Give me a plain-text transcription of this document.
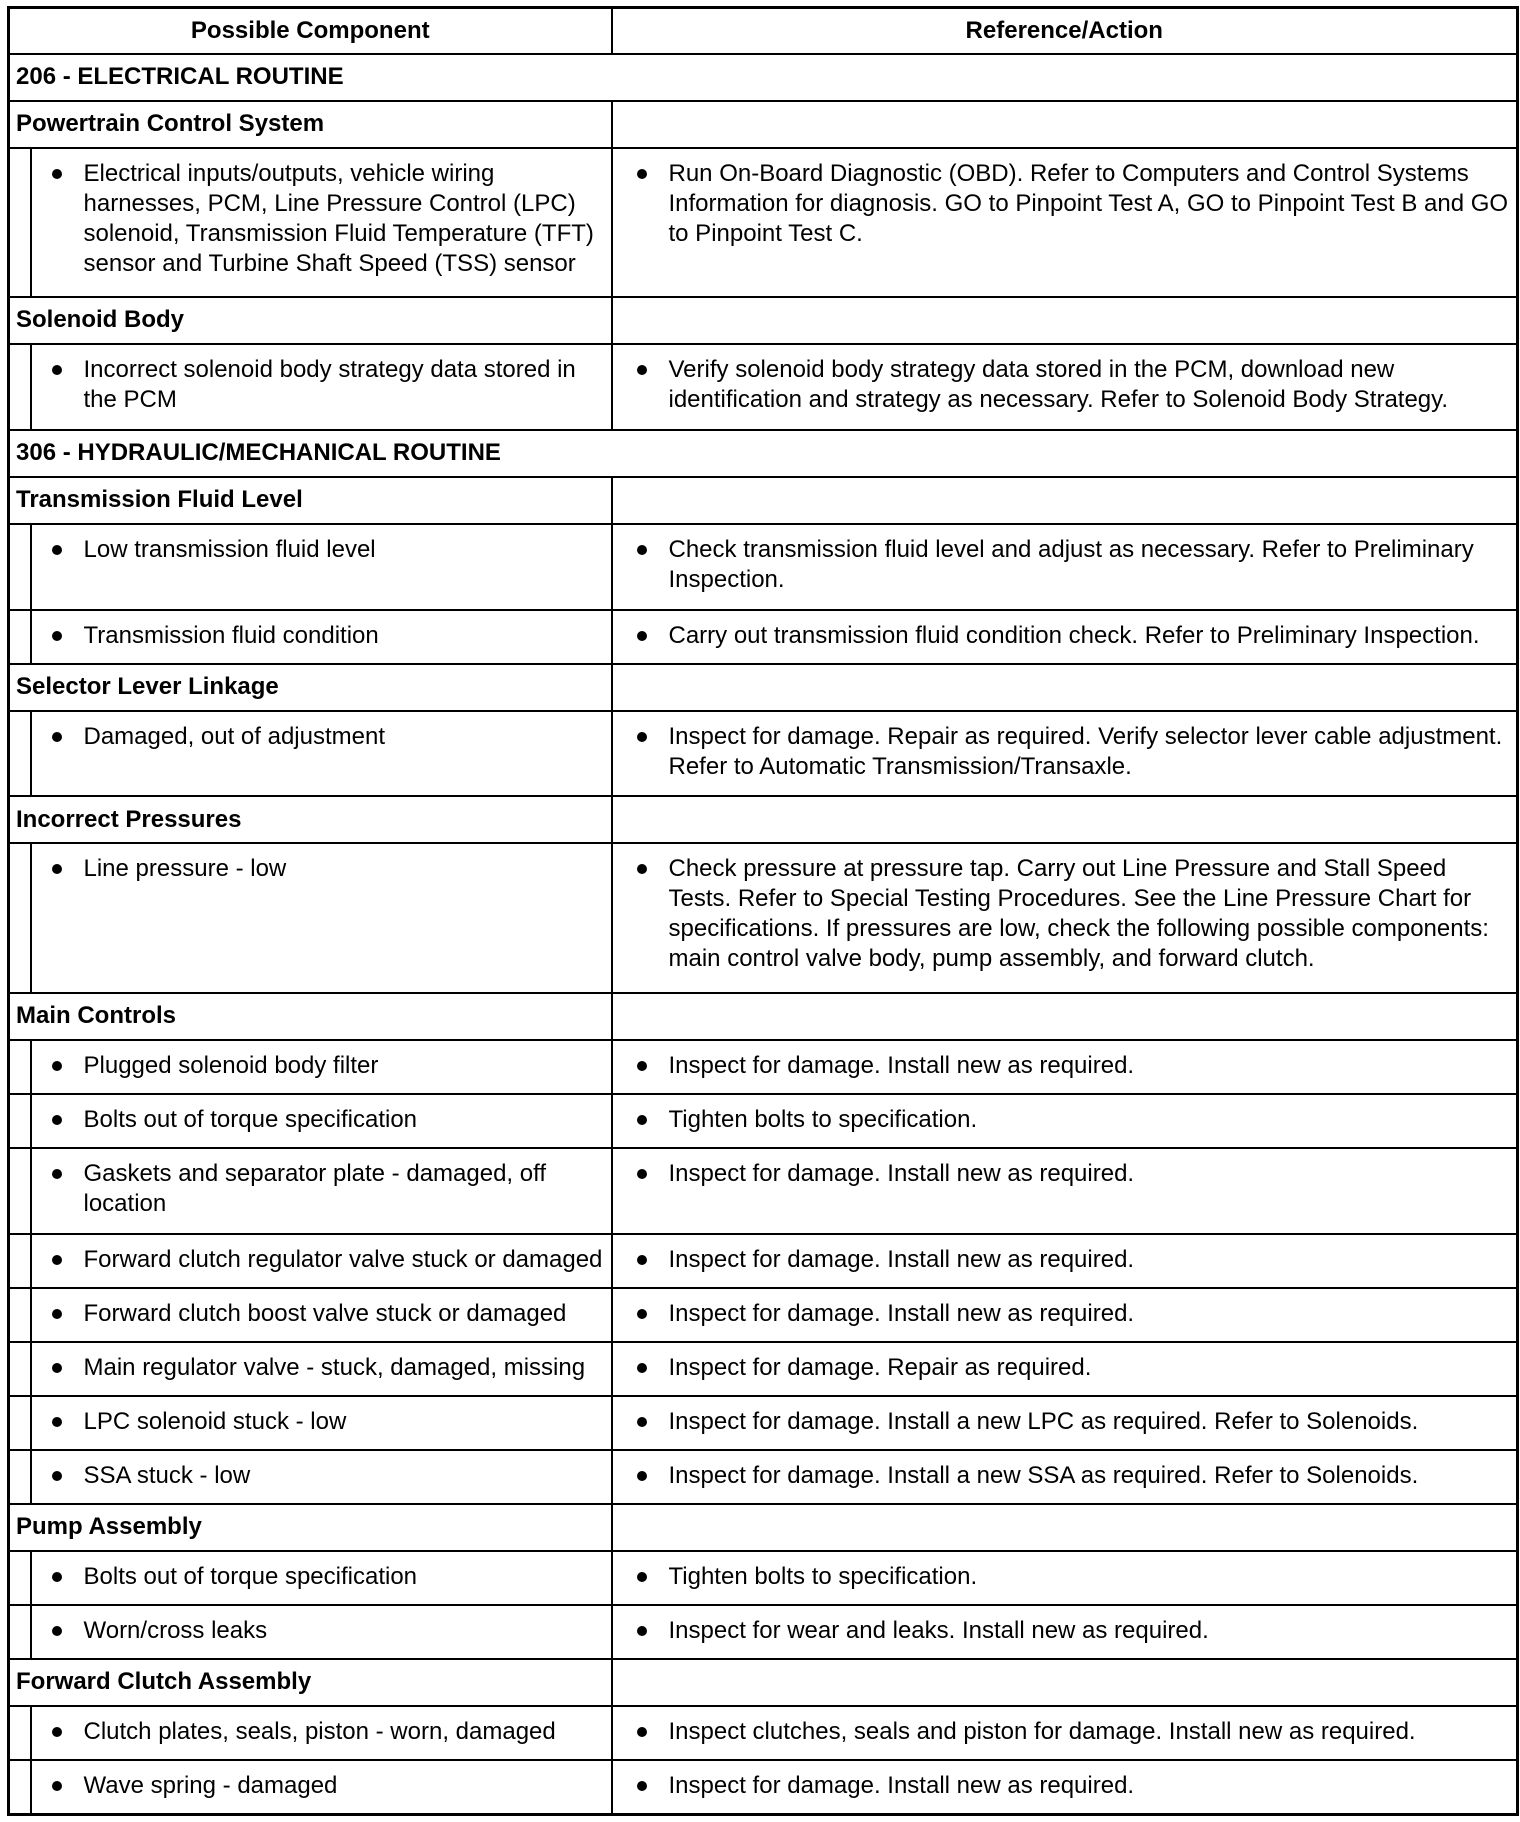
Possible Component		Reference/Action
206 - ELECTRICAL ROUTINE		
Powertrain Control System		

	Electrical inputs/outputs, vehicle wiring harnesses, PCM, Line Pressure Control (LPC) solenoid, Transmission Fluid Temperature (TFT) sensor and Turbine Shaft Speed (TSS) sensor	Run On-Board Diagnostic (OBD). Refer to Computers and Control Systems Information for diagnosis. GO to Pinpoint Test A, GO to Pinpoint Test B and GO to Pinpoint Test C.

Solenoid Body		

	Incorrect solenoid body strategy data stored in the PCM	Verify solenoid body strategy data stored in the PCM, download new identification and strategy as necessary. Refer to Solenoid Body Strategy.

306 - HYDRAULIC/MECHANICAL ROUTINE		
Transmission Fluid Level		

	Low transmission fluid level	Check transmission fluid level and adjust as necessary. Refer to Preliminary Inspection.

	Transmission fluid condition	Carry out transmission fluid condition check. Refer to Preliminary Inspection.

Selector Lever Linkage		

	Damaged, out of adjustment	Inspect for damage. Repair as required. Verify selector lever cable adjustment. Refer to Automatic Transmission/Transaxle.

Incorrect Pressures		

	Line pressure - low	Check pressure at pressure tap. Carry out Line Pressure and Stall Speed Tests. Refer to Special Testing Procedures. See the Line Pressure Chart for specifications. If pressures are low, check the following possible components: main control valve body, pump assembly, and forward clutch.

Main Controls		

	Plugged solenoid body filter	Inspect for damage. Install new as required.

	Bolts out of torque specification	Tighten bolts to specification.

	Gaskets and separator plate - damaged, off location	Inspect for damage. Install new as required.

	Forward clutch regulator valve stuck or damaged	Inspect for damage. Install new as required.

	Forward clutch boost valve stuck or damaged	Inspect for damage. Install new as required.

	Main regulator valve - stuck, damaged, missing	Inspect for damage. Repair as required.

	LPC solenoid stuck - low	Inspect for damage. Install a new LPC as required. Refer to Solenoids.

	SSA stuck - low	Inspect for damage. Install a new SSA as required. Refer to Solenoids.

Pump Assembly		

	Bolts out of torque specification	Tighten bolts to specification.

	Worn/cross leaks	Inspect for wear and leaks. Install new as required.

Forward Clutch Assembly		

	Clutch plates, seals, piston - worn, damaged	Inspect clutches, seals and piston for damage. Install new as required.

	Wave spring - damaged	Inspect for damage. Install new as required.
